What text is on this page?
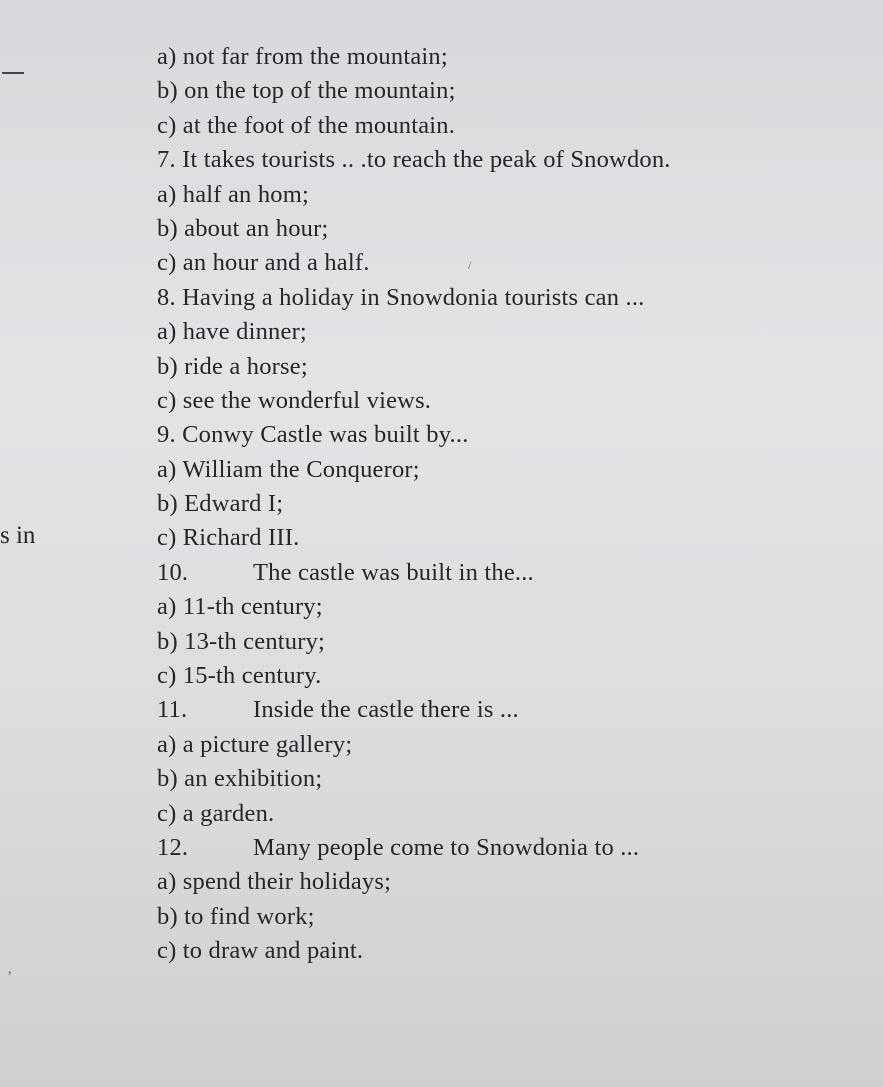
s in
/
,
a) not far from the mountain;
b) on the top of the mountain;
c) at the foot of the mountain.
7. It takes tourists .. .to reach the peak of Snowdon.
a) half an hom;
b) about an hour;
c) an hour and a half.
8. Having a holiday in Snowdonia tourists can ...
a) have dinner;
b) ride a horse;
c) see the wonderful views.
9. Conwy Castle was built by...
a) William the Conqueror;
b) Edward I;
c) Richard III.
10.	The castle was built in the...
a) 11-th century;
b) 13-th century;
c) 15-th century.
11.	Inside the castle there is ...
a) a picture gallery;
b) an exhibition;
c) a garden.
12.	Many people come to Snowdonia to ...
a) spend their holidays;
b) to find work;
c) to draw and paint.
